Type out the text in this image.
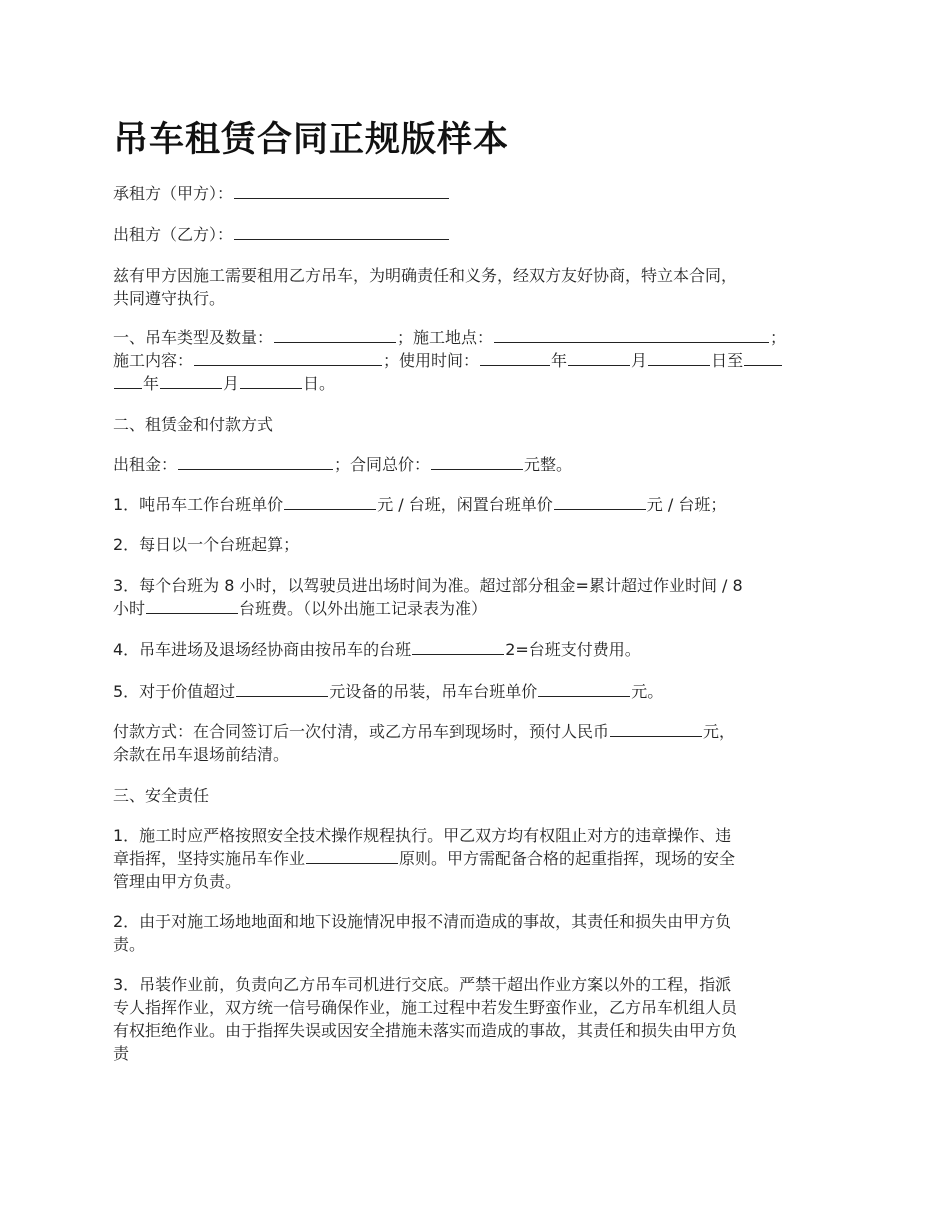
吊车租赁合同正规版样本

承租方（甲方）：

出租方（乙方）：

兹有甲方因施工需要租用乙方吊车，为明确责任和义务，经双方友好协商，特立本合同，

共同遵守执行。

一、吊车类型及数量：	；施工地点：	；

施工内容：	；使用时间：	年	月	日至

年	月	日。

二、租赁金和付款方式

出租金：	；合同总价：	元整。

1．吨吊车工作台班单价	元 / 台班，闲置台班单价	元 / 台班；

2．每日以一个台班起算；

3．每个台班为 8 小时，以驾驶员进出场时间为准。超过部分租金=累计超过作业时间 / 8

小时	台班费。（以外出施工记录表为准）

4．吊车进场及退场经协商由按吊车的台班	2=台班支付费用。

5．对于价值超过	元设备的吊装，吊车台班单价	元。

付款方式：在合同签订后一次付清，或乙方吊车到现场时，预付人民币	元，

余款在吊车退场前结清。

三、安全责任

1．施工时应严格按照安全技术操作规程执行。甲乙双方均有权阻止对方的违章操作、违

章指挥，坚持实施吊车作业	原则。甲方需配备合格的起重指挥，现场的安全

管理由甲方负责。

2．由于对施工场地地面和地下设施情况申报不清而造成的事故，其责任和损失由甲方负

责。

3．吊装作业前，负责向乙方吊车司机进行交底。严禁干超出作业方案以外的工程，指派

专人指挥作业，双方统一信号确保作业，施工过程中若发生野蛮作业，乙方吊车机组人员

有权拒绝作业。由于指挥失误或因安全措施未落实而造成的事故，其责任和损失由甲方负

责
